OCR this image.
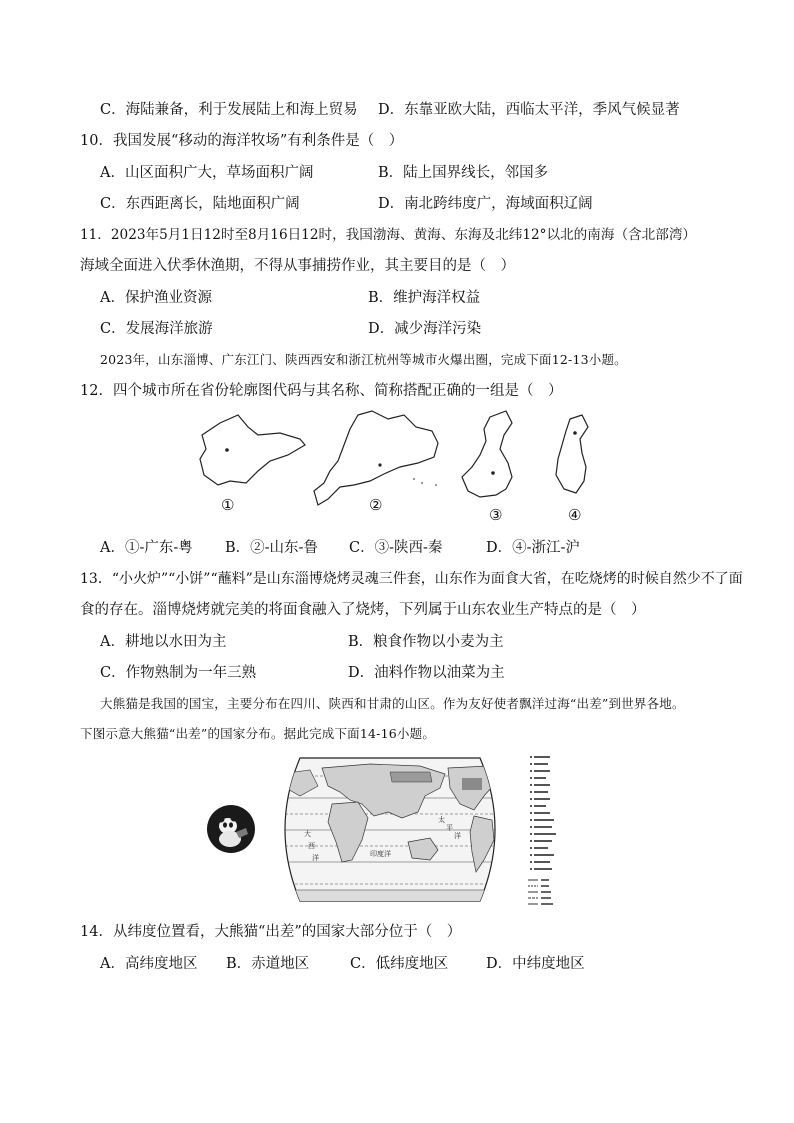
C．海陆兼备，利于发展陆上和海上贸易 D．东靠亚欧大陆，西临太平洋，季风气候显著
10．我国发展“移动的海洋牧场”有利条件是（　）
A．山区面积广大，草场面积广阔	B．陆上国界线长，邻国多
C．东西距离长，陆地面积广阔	D．南北跨纬度广，海域面积辽阔
11．2023年5月1日12时至8月16日12时，我国渤海、黄海、东海及北纬12°以北的南海（含北部湾）
海域全面进入伏季休渔期，不得从事捕捞作业，其主要目的是（　）
A．保护渔业资源	B．维护海洋权益
C．发展海洋旅游	D．减少海洋污染
2023年，山东淄博、广东江门、陕西西安和浙江杭州等城市火爆出圈，完成下面12-13小题。
12．四个城市所在省份轮廓图代码与其名称、简称搭配正确的一组是（　）
①	②
③	④
A．①-广东-粤 B．②-山东-鲁 C．③-陕西-秦	D．④-浙江-沪
13．“小火炉”“小饼”“蘸料”是山东淄博烧烤灵魂三件套，山东作为面食大省，在吃烧烤的时候自然少不了面
食的存在。淄博烧烤就完美的将面食融入了烧烤，下列属于山东农业生产特点的是（　）
A．耕地以水田为主	B．粮食作物以小麦为主
C．作物熟制为一年三熟	D．油料作物以油菜为主
大熊猫是我国的国宝，主要分布在四川、陕西和甘肃的山区。作为友好使者飘洋过海“出差”到世界各地。
下图示意大熊猫“出差”的国家分布。据此完成下面14-16小题。
大
西
洋
太
平
洋
印度洋
14．从纬度位置看，大熊猫“出差”的国家大部分位于（　）
A．高纬度地区 B．赤道地区	C．低纬度地区	D．中纬度地区
